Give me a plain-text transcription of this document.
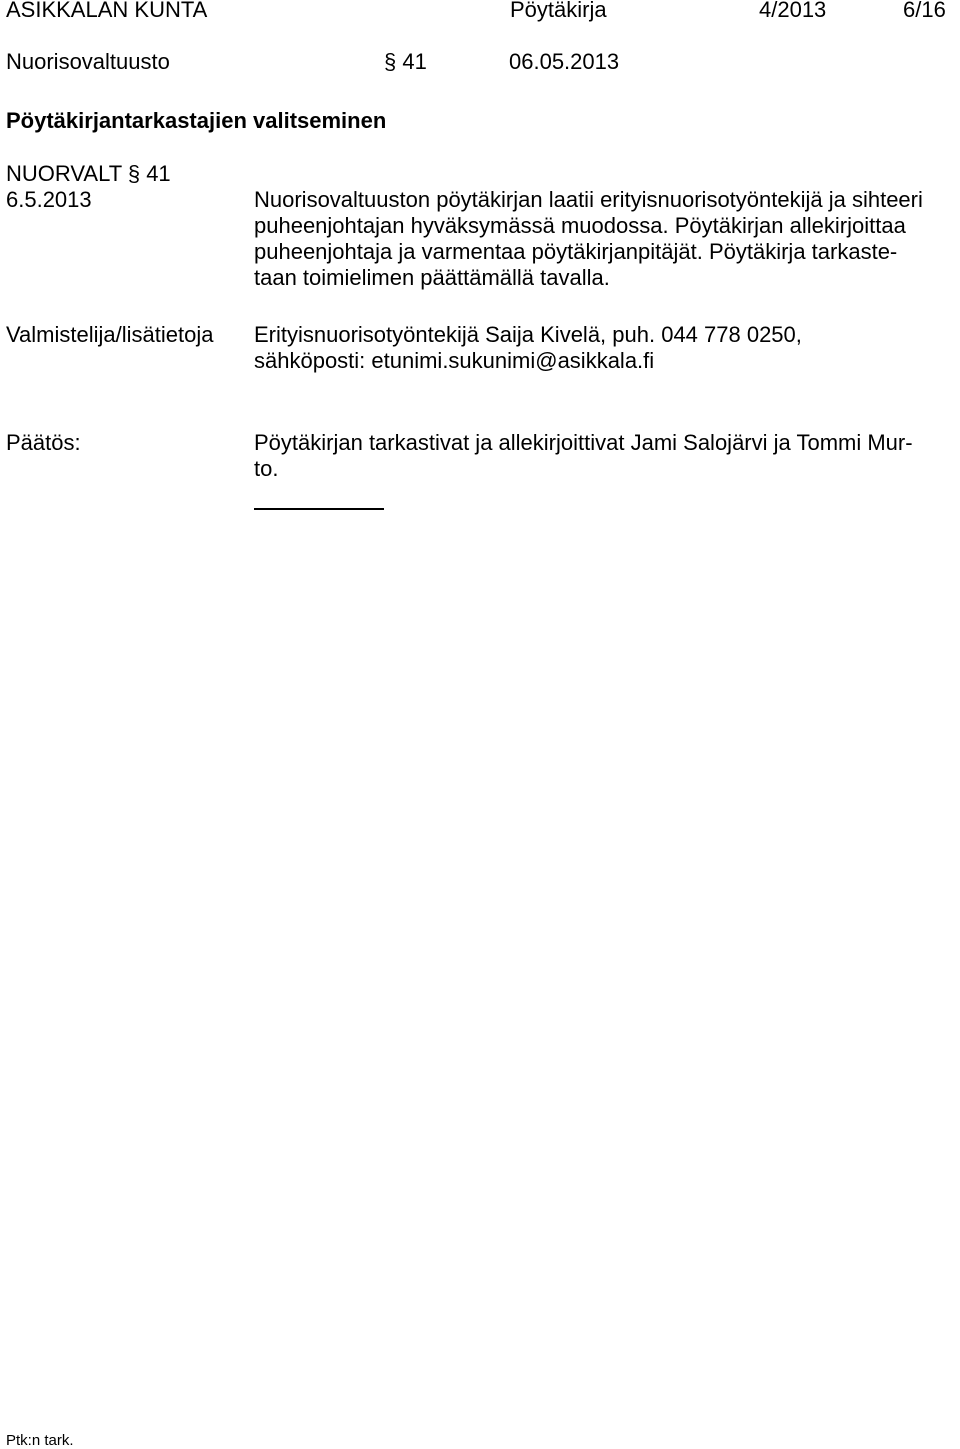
ASIKKALAN KUNTA	Pöytäkirja	4/2013	6/16
Nuorisovaltuusto	§ 41	06.05.2013
Pöytäkirjantarkastajien valitseminen
NUORVALT § 41
6.5.2013	Nuorisovaltuuston pöytäkirjan laatii erityisnuorisotyöntekijä ja sihteeri
puheenjohtajan hyväksymässä muodossa. Pöytäkirjan allekirjoittaa
puheenjohtaja ja varmentaa pöytäkirjanpitäjät. Pöytäkirja tarkaste-
taan toimielimen päättämällä tavalla.
Valmistelija/lisätietoja Erityisnuorisotyöntekijä Saija Kivelä, puh. 044 778 0250,
sähköposti: etunimi.sukunimi@asikkala.fi
Päätös:	Pöytäkirjan tarkastivat ja allekirjoittivat Jami Salojärvi ja Tommi Mur-
to.
Ptk:n tark.
